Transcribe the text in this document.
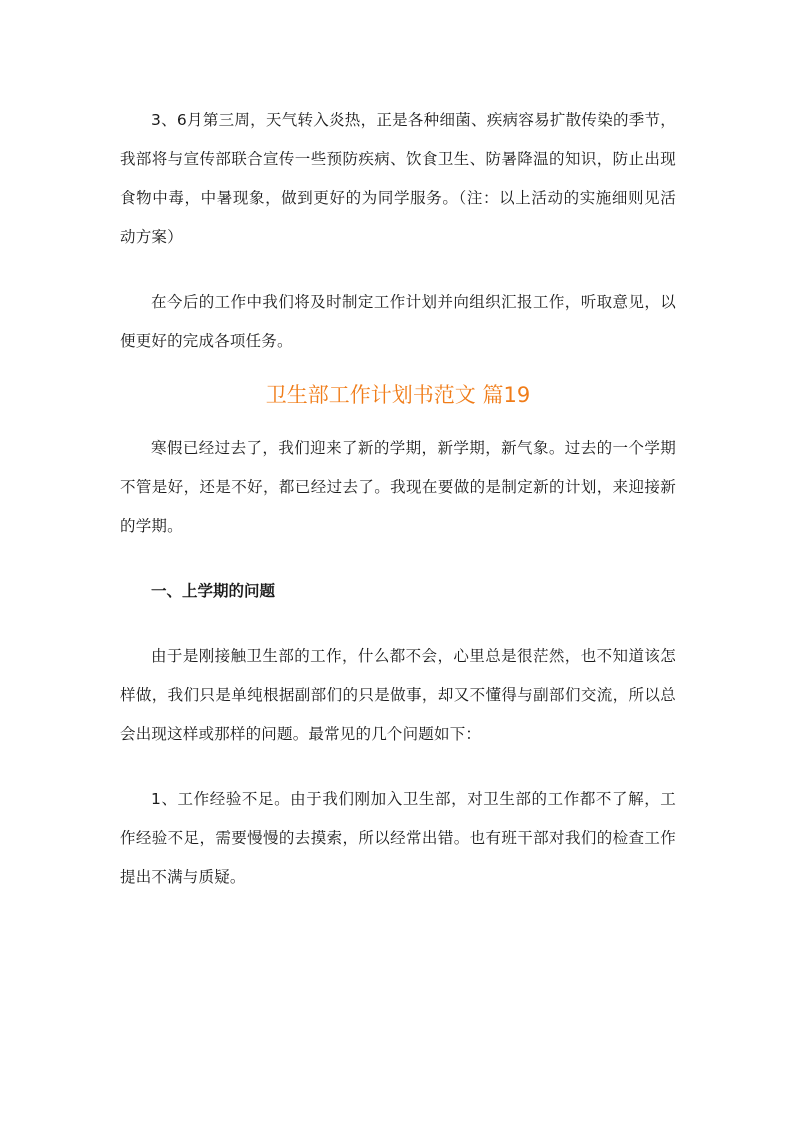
3、6月第三周，天气转入炎热，正是各种细菌、疾病容易扩散传染的季节，我部将与宣传部联合宣传一些预防疾病、饮食卫生、防暑降温的知识，防止出现食物中毒，中暑现象，做到更好的为同学服务。（注：以上活动的实施细则见活动方案）

在今后的工作中我们将及时制定工作计划并向组织汇报工作，听取意见，以便更好的完成各项任务。

卫生部工作计划书范文 篇19

寒假已经过去了，我们迎来了新的学期，新学期，新气象。过去的一个学期不管是好，还是不好，都已经过去了。我现在要做的是制定新的计划，来迎接新的学期。

一、上学期的问题

由于是刚接触卫生部的工作，什么都不会，心里总是很茫然，也不知道该怎样做，我们只是单纯根据副部们的只是做事，却又不懂得与副部们交流，所以总会出现这样或那样的问题。最常见的几个问题如下：

1、工作经验不足。由于我们刚加入卫生部，对卫生部的工作都不了解，工作经验不足，需要慢慢的去摸索，所以经常出错。也有班干部对我们的检查工作提出不满与质疑。
